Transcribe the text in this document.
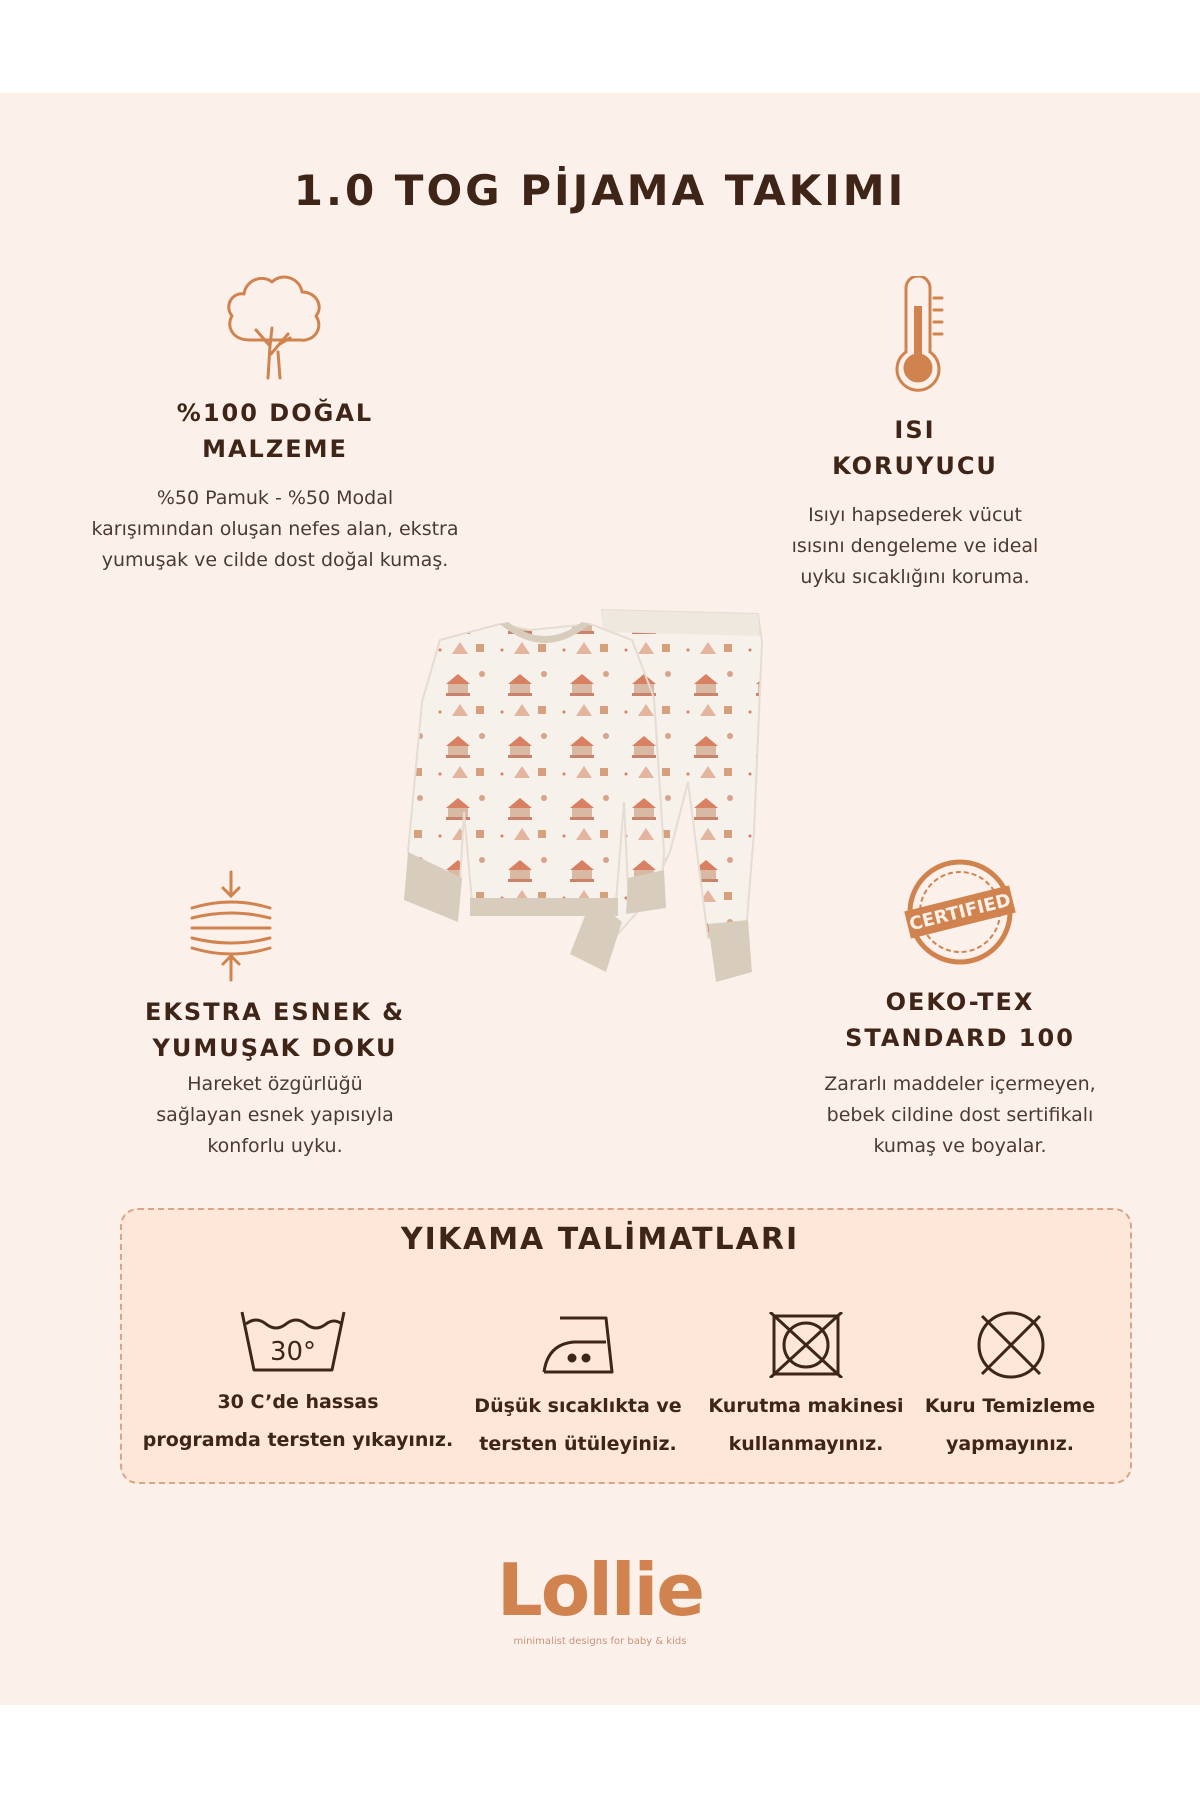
1.0 TOG PİJAMA TAKIMI
%100 DOĞAL
MALZEME
%50 Pamuk - %50 Modal
karışımından oluşan nefes alan, ekstra
yumuşak ve cilde dost doğal kumaş.
ISI
KORUYUCU
Isıyı hapsederek vücut
ısısını dengeleme ve ideal
uyku sıcaklığını koruma.
EKSTRA ESNEK &
YUMUŞAK DOKU
Hareket özgürlüğü
sağlayan esnek yapısıyla
konforlu uyku.
CERTIFIED
OEKO-TEX
STANDARD 100
Zararlı maddeler içermeyen,
bebek cildine dost sertifikalı
kumaş ve boyalar.
YIKAMA TALİMATLARI
30°
30 C’de hassas
programda tersten yıkayınız.
Düşük sıcaklıkta ve
tersten ütüleyiniz.
Kurutma makinesi
kullanmayınız.
Kuru Temizleme
yapmayınız.
Lollie
minimalist designs for baby & kids
